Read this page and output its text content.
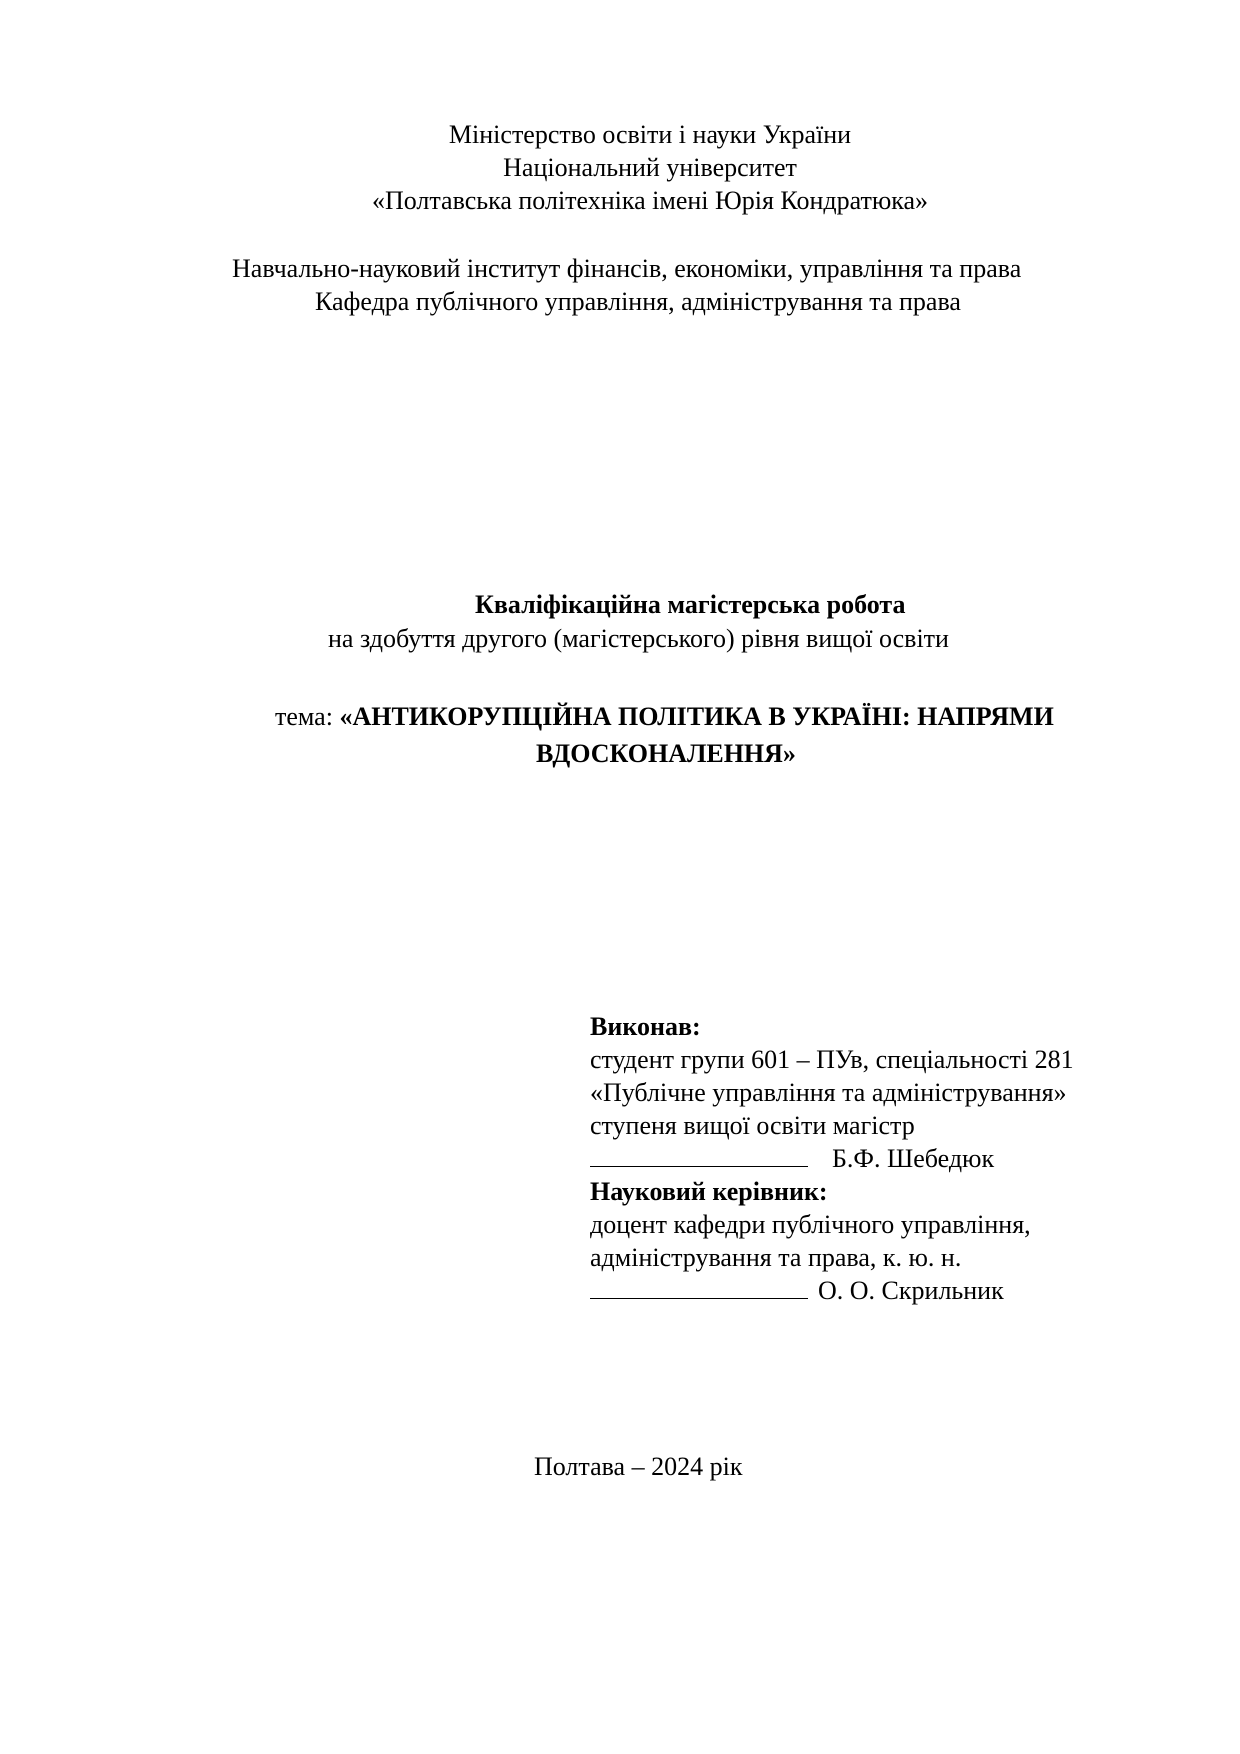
Міністерство освіти і науки України
Національний університет
«Полтавська політехніка імені Юрія Кондратюка»
Навчально-науковий інститут фінансів, економіки, управління та права
Кафедра публічного управління, адміністрування та права
Кваліфікаційна магістерська робота
на здобуття другого (магістерського) рівня вищої освіти
тема: «АНТИКОРУПЦІЙНА ПОЛІТИКА В УКРАЇНІ: НАПРЯМИ
ВДОСКОНАЛЕННЯ»
Виконав:
студент групи 601 – ПУв, спеціальності 281
«Публічне управління та адміністрування»
ступеня вищої освіти магістр
Б.Ф. Шебедюк
Науковий керівник:
доцент кафедри публічного управління,
адміністрування та права, к. ю. н.
О. О. Скрильник
Полтава – 2024 рік
